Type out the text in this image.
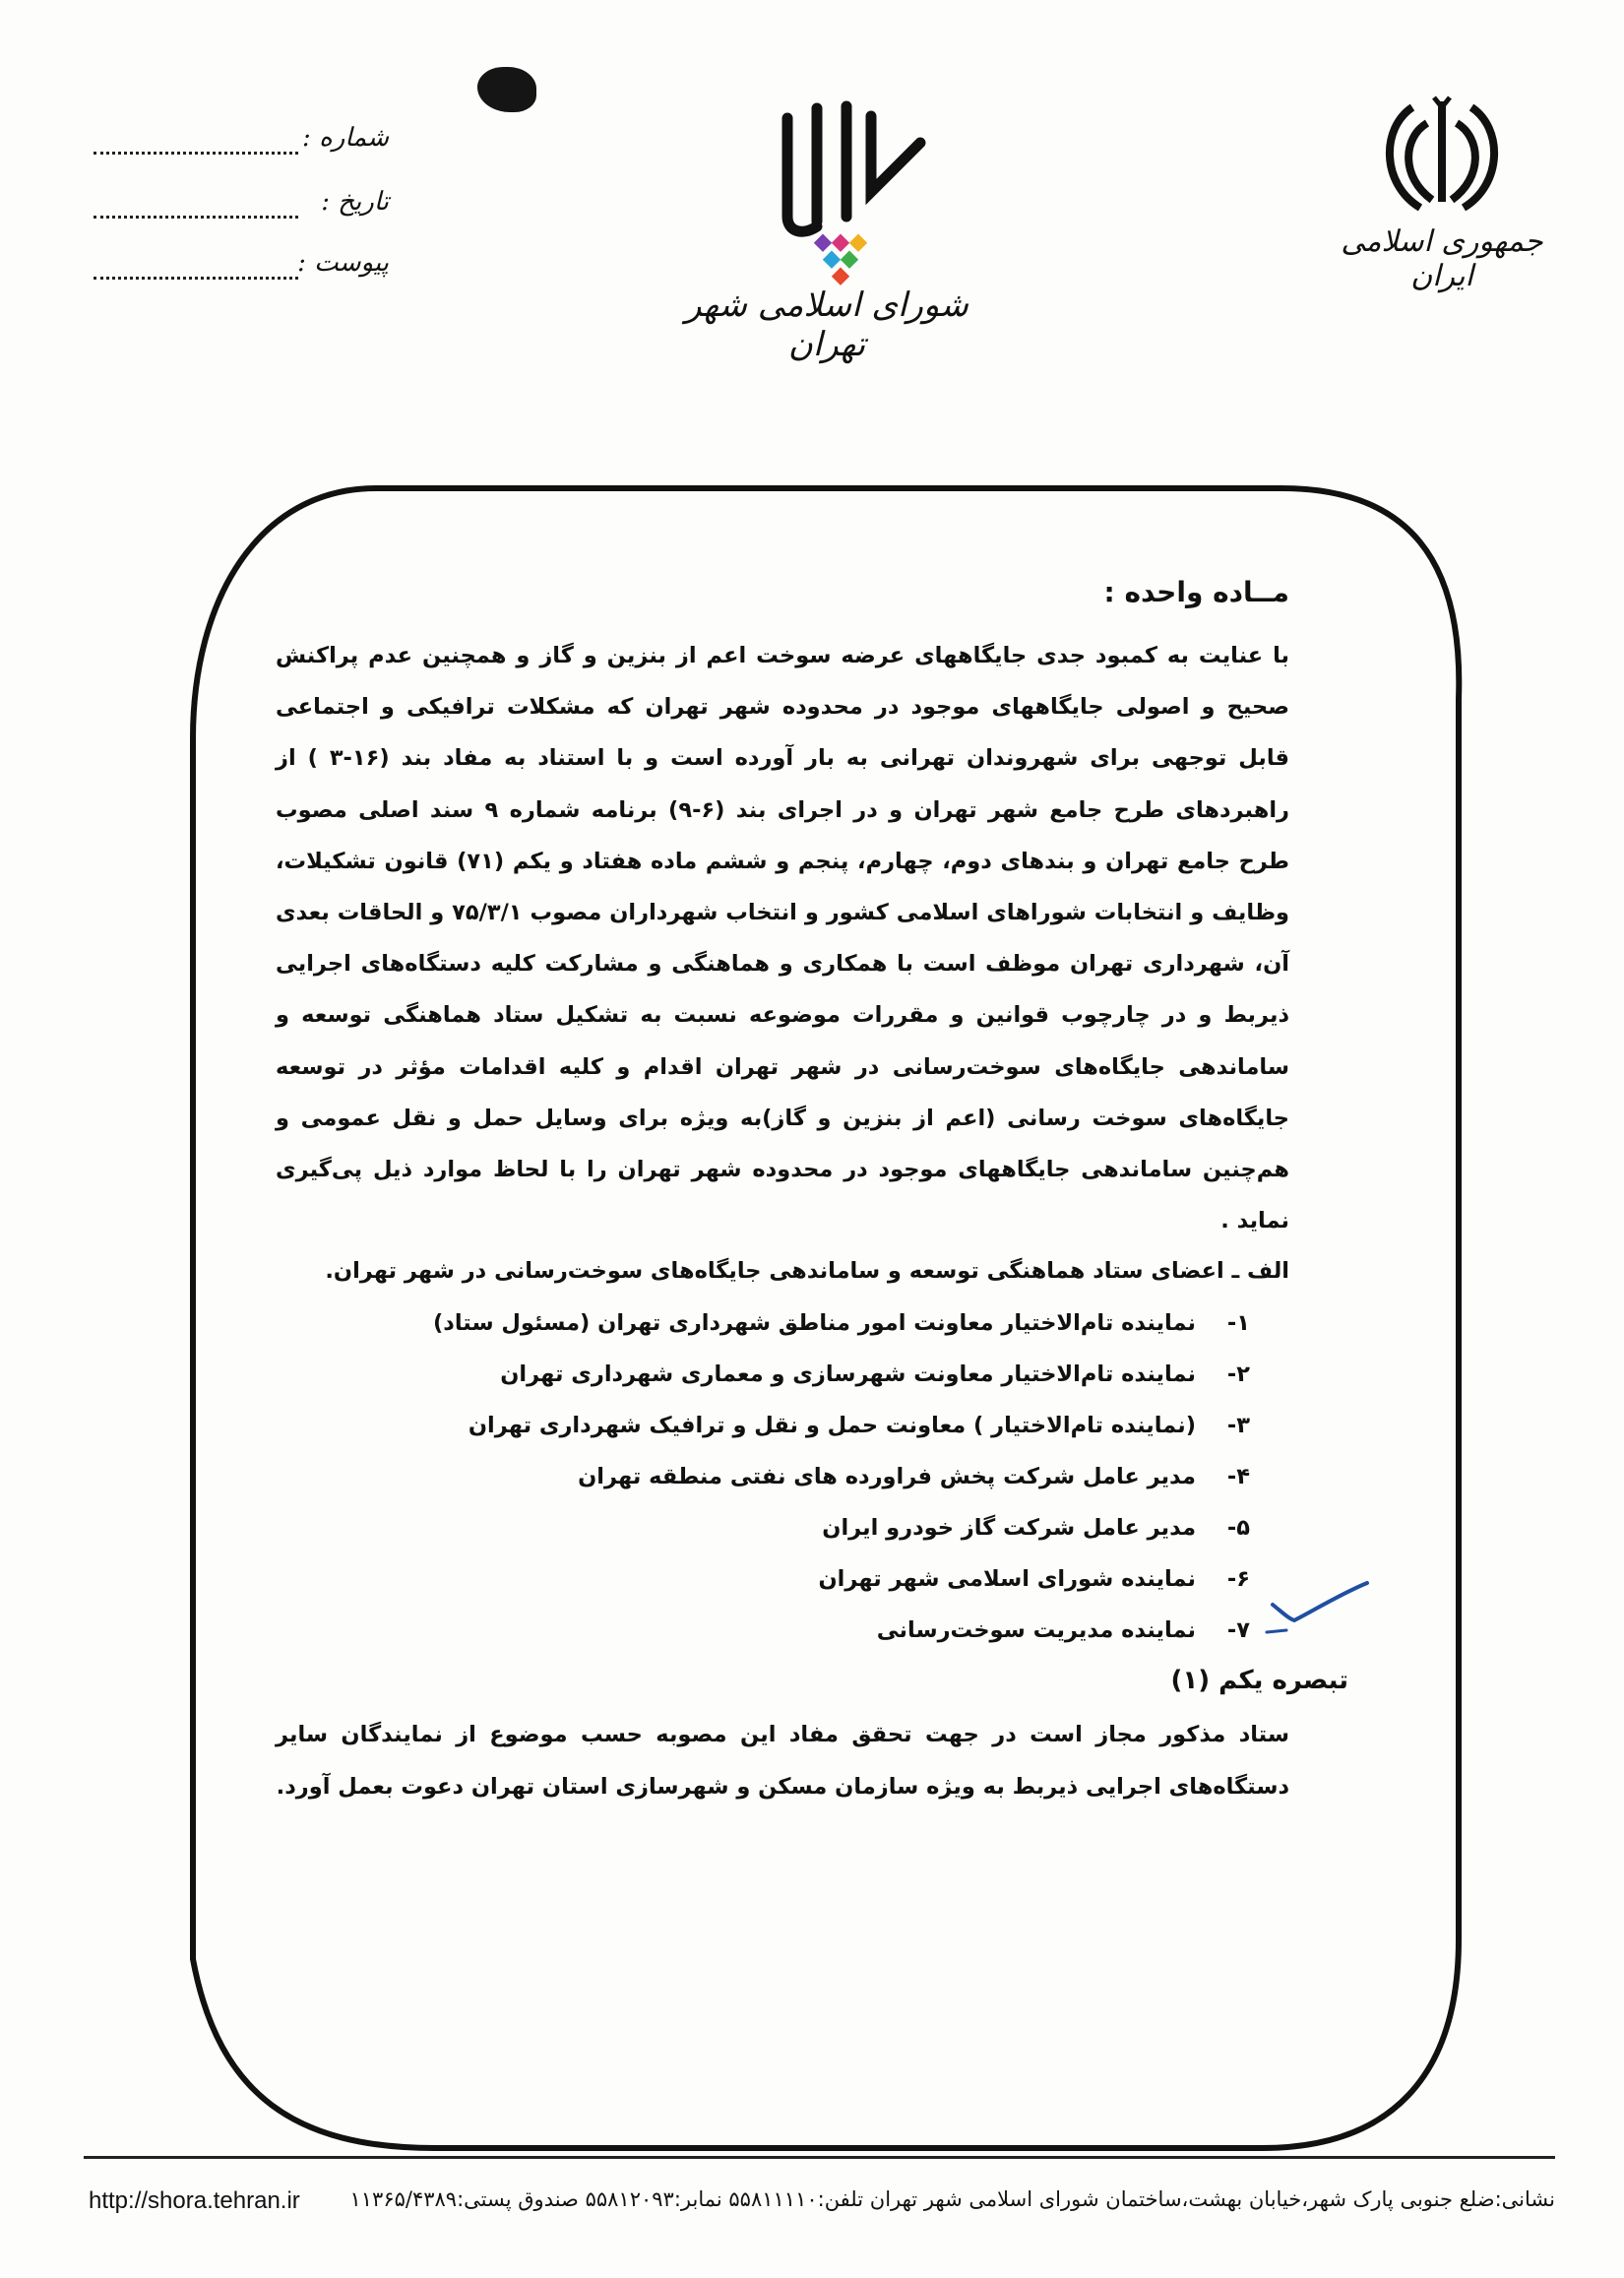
جمهوری اسلامی ایران
شورای اسلامی شهر تهران
شماره :
تاریخ :
پیوست :
مــاده واحده :

با عنایت به کمبود جدی جایگاههای عرضه سوخت اعم از بنزین و گاز و همچنین عدم پراکنش صحیح و اصولی جایگاههای موجود در محدوده شهر تهران که مشکلات ترافیکی و اجتماعی قابل توجهی برای شهروندان تهرانی به بار آورده است و با استناد به مفاد بند (۱۶-۳ ) از راهبردهای طرح جامع شهر تهران و در اجرای بند (۶-۹) برنامه شماره ۹ سند اصلی مصوب طرح جامع تهران و بندهای دوم، چهارم، پنجم و ششم ماده هفتاد و یکم (۷۱) قانون تشکیلات، وظایف و انتخابات شوراهای اسلامی کشور و انتخاب شهرداران مصوب ۷۵/۳/۱ و الحاقات بعدی آن، شهرداری تهران موظف است با همکاری و هماهنگی و مشارکت کلیه دستگاه‌های اجرایی ذیربط و در چارچوب قوانین و مقررات موضوعه نسبت به تشکیل ستاد هماهنگی توسعه و ساماندهی جایگاه‌های سوخت‌رسانی در شهر تهران اقدام و کلیه اقدامات مؤثر در توسعه جایگاه‌های سوخت رسانی (اعم از بنزین و گاز)به ویژه برای وسایل حمل و نقل عمومی و هم‌چنین ساماندهی جایگاههای موجود در محدوده شهر تهران را با لحاظ موارد ذیل پی‌گیری نماید .

الف ـ اعضای ستاد هماهنگی توسعه و ساماندهی جایگاه‌های سوخت‌رسانی در شهر تهران.
۱-نماینده تام‌الاختیار معاونت امور مناطق شهرداری تهران (مسئول ستاد)
۲-نماینده تام‌الاختیار معاونت شهرسازی و معماری شهرداری تهران
۳-(نماینده تام‌الاختیار ) معاونت حمل و نقل و ترافیک شهرداری تهران
۴-مدیر عامل شرکت پخش فراورده های نفتی منطقه تهران
۵-مدیر عامل شرکت گاز خودرو ایران
۶-نماینده شورای اسلامی شهر تهران
۷-نماینده مدیریت سوخت‌رسانی
تبصره یکم (۱)

ستاد مذکور مجاز است در جهت تحقق مفاد این مصوبه حسب موضوع از نمایندگان سایر دستگاه‌های اجرایی ذیربط به ویژه سازمان مسکن و شهرسازی استان تهران دعوت بعمل آورد.

http://shora.tehran.ir نشانی:ضلع جنوبی پارک شهر،خیابان بهشت،ساختمان شورای اسلامی شهر تهران تلفن:۵۵۸۱۱۱۱۰ نمابر:۵۵۸۱۲۰۹۳ صندوق پستی:۱۱۳۶۵/۴۳۸۹
